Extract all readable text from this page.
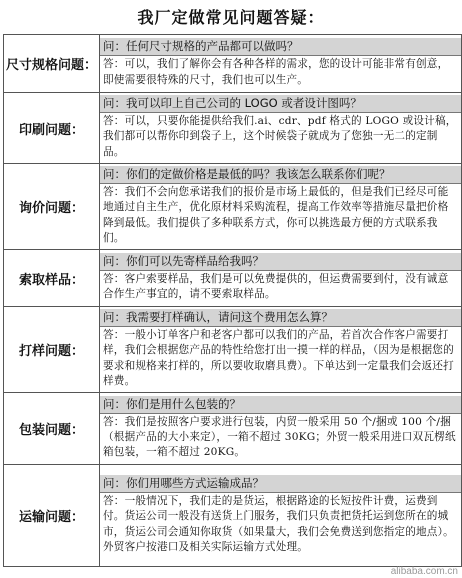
我厂定做常见问题答疑：
尺寸规格问题：	问：任何尺寸规格的产品都可以做吗？
答：可以，我们了解你会有各种各样的需求，您的设计可能非常有创意，即使需要很特殊的尺寸，我们也可以生产。

印刷问题：	问：我可以印上自己公司的 LOGO 或者设计图吗？
答：可以，只要你能提供给我们.ai、cdr、pdf 格式的 LOGO 或设计稿，我们都可以帮你印到袋子上，这个时候袋子就成为了您独一无二的定制品。

询价问题：	问：你们的定做价格是最低的吗？我该怎么联系你们呢？
答：我们不会向您承诺我们的报价是市场上最低的，但是我们已经尽可能地通过自主生产，优化原材料采购流程，提高工作效率等措施尽量把价格降到最低。我们提供了多种联系方式，你可以挑选最方便的方式联系我们。

索取样品：	问：你们可以先寄样品给我吗？
答：客户索要样品，我们是可以免费提供的，但运费需要到付，没有诚意合作生产事宜的，请不要索取样品。

打样问题：	问：我需要打样确认，请问这个费用怎么算？
答：一般小订单客户和老客户都可以我们的产品，若首次合作客户需要打样，我们会根据您产品的特性给您打出一摸一样的样品，（因为是根据您的要求和规格来打样的，所以要收取磨具费）。下单达到一定量我们会返还打样费。

包装问题：	问：你们是用什么包装的？
答：我们是按照客户要求进行包装，内贸一般采用 50 个/捆或 100 个/捆（根据产品的大小来定），一箱不超过 30KG；外贸一般采用进口双瓦楞纸箱包装，一箱不超过 20KG。

运输问题：	问：你们用哪些方式运输成品？
答：一般情况下，我们走的是货运，根据路途的长短按件计费，运费到付。货运公司一般没有送货上门服务，我们只负责把货托运到您所在的城市，货运公司会通知你取货（如果量大，我们会免费送到您指定的地点）。外贸客户按港口及相关实际运输方式处理。
alibaba.com.cn
